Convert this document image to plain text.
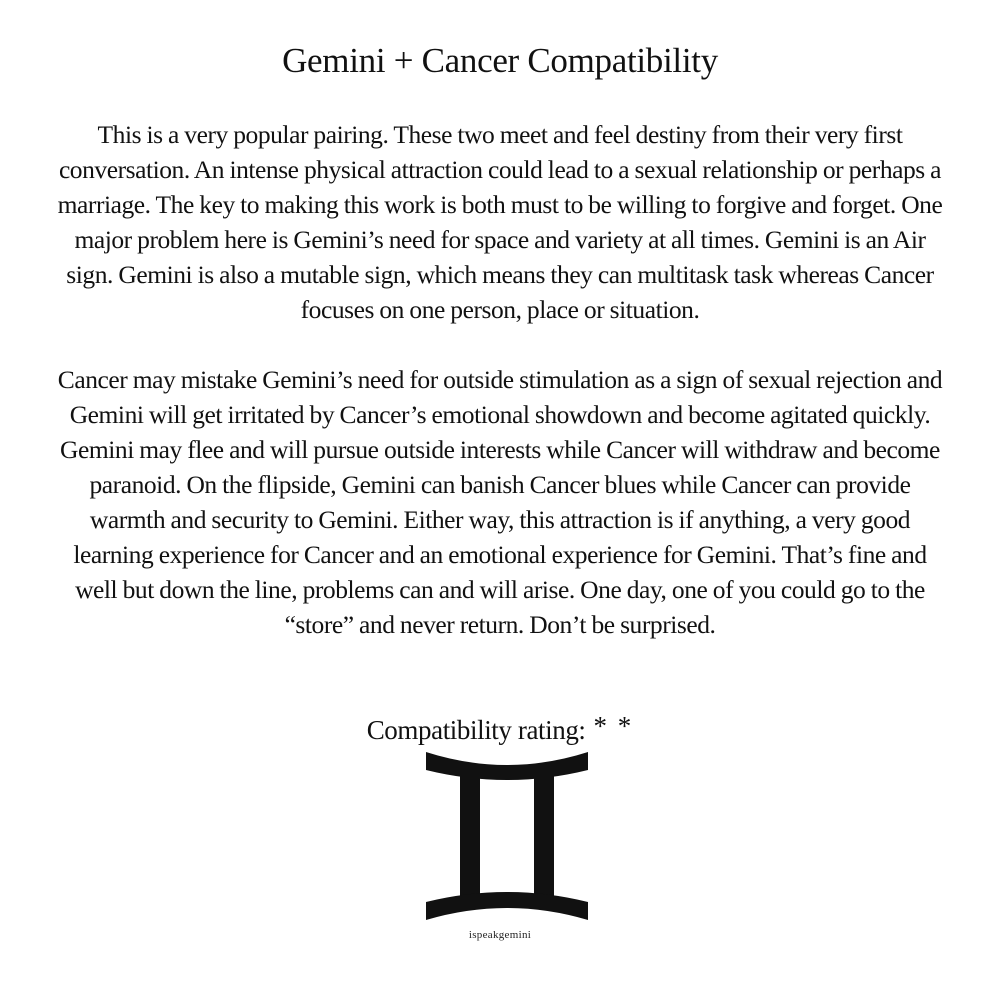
Gemini + Cancer Compatibility

This is a very popular pairing. These two meet and feel destiny from their very first conversation. An intense physical attraction could lead to a sexual relationship or perhaps a marriage. The key to making this work is both must to be willing to forgive and forget. One major problem here is Gemini’s need for space and variety at all times. Gemini is an Air sign. Gemini is also a mutable sign, which means they can multitask task whereas Cancer focuses on one person, place or situation.

Cancer may mistake Gemini’s need for outside stimulation as a sign of sexual rejection and Gemini will get irritated by Cancer’s emotional showdown and become agitated quickly. Gemini may flee and will pursue outside interests while Cancer will withdraw and become paranoid. On the flipside, Gemini can banish Cancer blues while Cancer can provide warmth and security to Gemini. Either way, this attraction is if anything, a very good learning experience for Cancer and an emotional experience for Gemini. That’s fine and well but down the line, problems can and will arise. One day, one of you could go to the “store” and never return. Don’t be surprised.

Compatibility rating: * *
ispeakgemini
